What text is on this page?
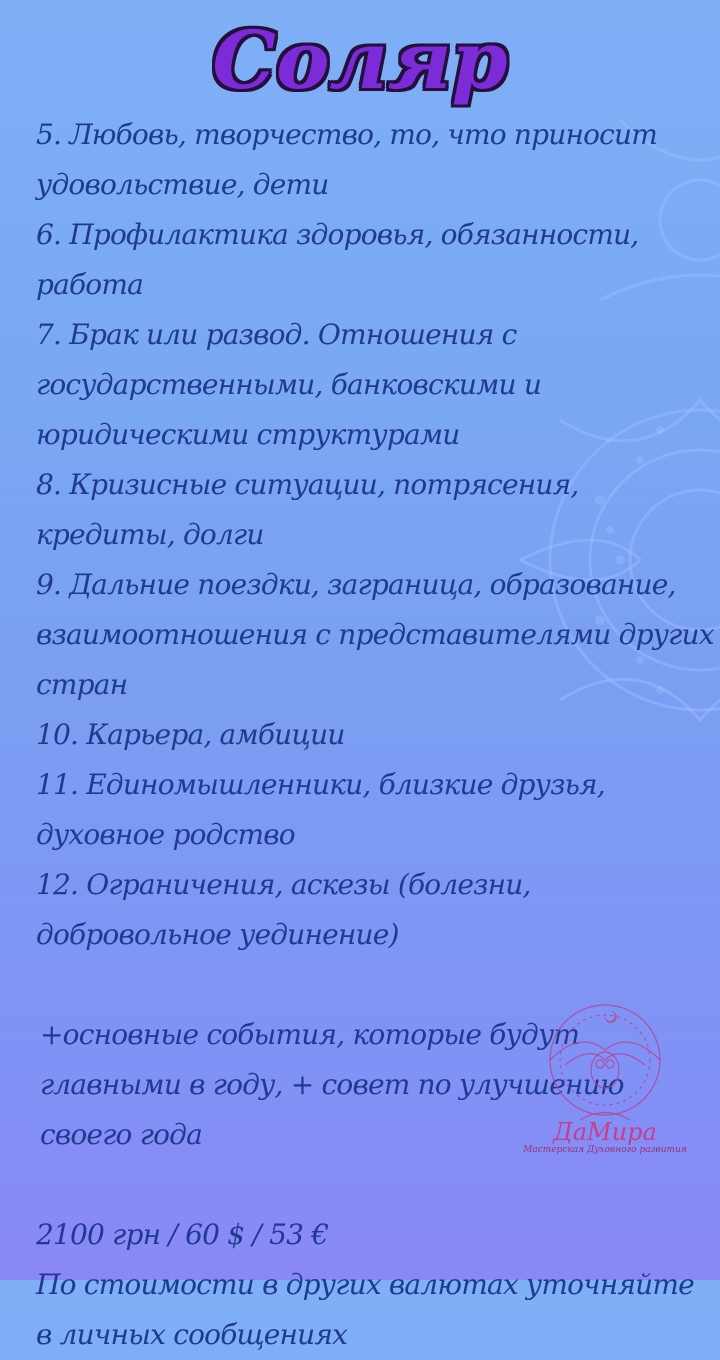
Соляр

5. Любовь, творчество, то, что приносит удовольствие, дети

6. Профилактика здоровья, обязанности, работа

7. Брак или развод. Отношения с государственными, банковскими и юридическими структурами

8. Кризисные ситуации, потрясения, кредиты, долги

9. Дальние поездки, заграница, образование, взаимоотношения с представителями других стран

10. Карьера, амбиции

11. Единомышленники, близкие друзья, духовное родство

12. Ограничения, аскезы (болезни, добровольное уединение)

+основные события, которые будут главными в году, + совет по улучшению своего года

2100 грн / 60 $ / 53 €

По стоимости в других валютах уточняйте в личных сообщениях

ДаМира
Мастерская Духовного развития
